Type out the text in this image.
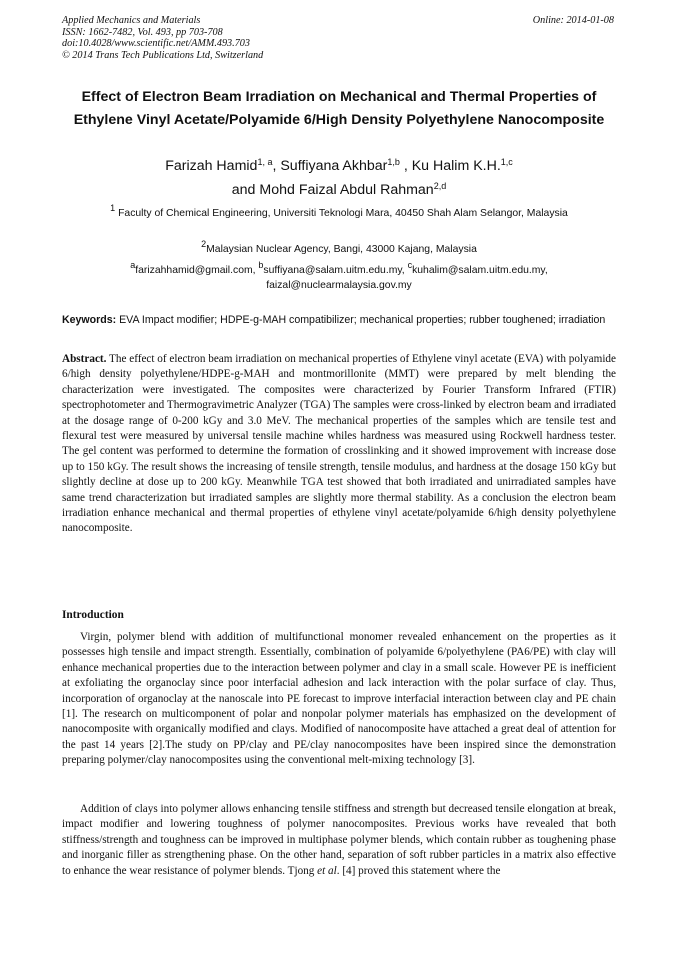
Applied Mechanics and Materials
ISSN: 1662-7482, Vol. 493, pp 703-708
doi:10.4028/www.scientific.net/AMM.493.703
© 2014 Trans Tech Publications Ltd, Switzerland
Online: 2014-01-08
Effect of Electron Beam Irradiation on Mechanical and Thermal Properties of Ethylene Vinyl Acetate/Polyamide 6/High Density Polyethylene Nanocomposite
Farizah Hamid$^{1, a}$, Suffiyana Akhbar$^{1,b}$ , Ku Halim K.H.$^{1,c}$
and Mohd Faizal Abdul Rahman$^{2,d}$
$^1$ Faculty of Chemical Engineering, Universiti Teknologi Mara, 40450 Shah Alam Selangor, Malaysia
$^2$Malaysian Nuclear Agency, Bangi, 43000 Kajang, Malaysia
$^a$farizahhamid@gmail.com, $^b$suffiyana@salam.uitm.edu.my, $^c$kuhalim@salam.uitm.edu.my, faizal@nuclearmalaysia.gov.my
Keywords: EVA Impact modifier; HDPE-g-MAH compatibilizer; mechanical properties; rubber toughened; irradiation
Abstract. The effect of electron beam irradiation on mechanical properties of Ethylene vinyl acetate (EVA) with polyamide 6/high density polyethylene/HDPE-g-MAH and montmorillonite (MMT) were prepared by melt blending the characterization were investigated. The composites were characterized by Fourier Transform Infrared (FTIR) spectrophotometer and Thermogravimetric Analyzer (TGA) The samples were cross-linked by electron beam and irradiated at the dosage range of 0-200 kGy and 3.0 MeV. The mechanical properties of the samples which are tensile test and flexural test were measured by universal tensile machine whiles hardness was measured using Rockwell hardness tester. The gel content was performed to determine the formation of crosslinking and it showed improvement with increase dose up to 150 kGy. The result shows the increasing of tensile strength, tensile modulus, and hardness at the dosage 150 kGy but slightly decline at dose up to 200 kGy. Meanwhile TGA test showed that both irradiated and unirradiated samples have same trend characterization but irradiated samples are slightly more thermal stability. As a conclusion the electron beam irradiation enhance mechanical and thermal properties of ethylene vinyl acetate/polyamide 6/high density polyethylene nanocomposite.
Introduction
Virgin, polymer blend with addition of multifunctional monomer revealed enhancement on the properties as it possesses high tensile and impact strength. Essentially, combination of polyamide 6/polyethylene (PA6/PE) with clay will enhance mechanical properties due to the interaction between polymer and clay in a small scale. However PE is inefficient at exfoliating the organoclay since poor interfacial adhesion and lack interaction with the polar surface of clay. Thus, incorporation of organoclay at the nanoscale into PE forecast to improve interfacial interaction between clay and PE chain [1]. The research on multicomponent of polar and nonpolar polymer materials has emphasized on the development of nanocomposite with organically modified and clays. Modified of nanocomposite have attached a great deal of attention for the past 14 years [2].The study on PP/clay and PE/clay nanocomposites have been inspired since the demonstration preparing polymer/clay nanocomposites using the conventional melt-mixing technology [3].
Addition of clays into polymer allows enhancing tensile stiffness and strength but decreased tensile elongation at break, impact modifier and lowering toughness of polymer nanocomposites. Previous works have revealed that both stiffness/strength and toughness can be improved in multiphase polymer blends, which contain rubber as toughening phase and inorganic filler as strengthening phase. On the other hand, separation of soft rubber particles in a matrix also effective to enhance the wear resistance of polymer blends. Tjong et al. [4] proved this statement where the
